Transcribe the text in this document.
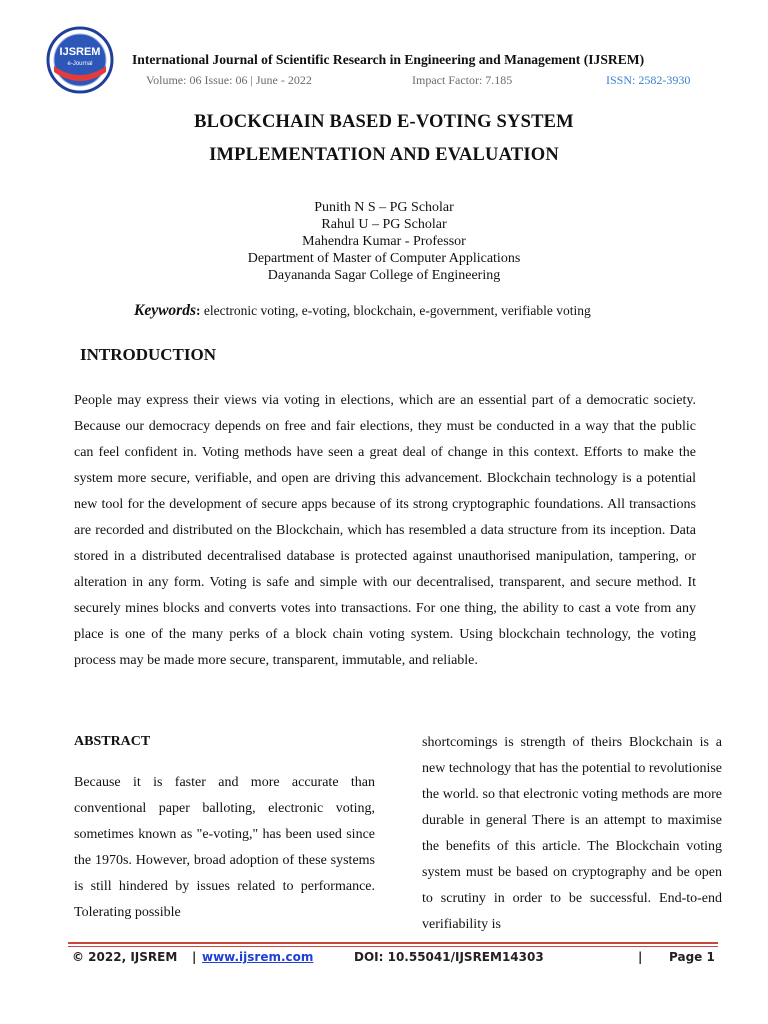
IJSREM
e-Journal	International Journal of Scientific Research in Engineering and Management (IJSREM)
Volume: 06 Issue: 06 | June - 2022	Impact Factor: 7.185	ISSN: 2582-3930
BLOCKCHAIN BASED E-VOTING SYSTEM
IMPLEMENTATION AND EVALUATION
Punith N S – PG Scholar
Rahul U – PG Scholar
Mahendra Kumar - Professor
Department of Master of Computer Applications
Dayananda Sagar College of Engineering
Keywords: electronic voting, e-voting, blockchain, e-government, verifiable voting
INTRODUCTION
People may express their views via voting in elections, which are an essential part of a democratic society. Because our democracy depends on free and fair elections, they must be conducted in a way that the public can feel confident in. Voting methods have seen a great deal of change in this context. Efforts to make the system more secure, verifiable, and open are driving this advancement. Blockchain technology is a potential new tool for the development of secure apps because of its strong cryptographic foundations. All transactions are recorded and distributed on the Blockchain, which has resembled a data structure from its inception. Data stored in a distributed decentralised database is protected against unauthorised manipulation, tampering, or alteration in any form. Voting is safe and simple with our decentralised, transparent, and secure method. It securely mines blocks and converts votes into transactions. For one thing, the ability to cast a vote from any place is one of the many perks of a block chain voting system. Using blockchain technology, the voting process may be made more secure, transparent, immutable, and reliable.
ABSTRACT
Because it is faster and more accurate than conventional paper balloting, electronic voting, sometimes known as "e-voting," has been used since the 1970s. However, broad adoption of these systems is still hindered by issues related to performance. Tolerating possible
shortcomings is strength of theirs Blockchain is a new technology that has the potential to revolutionise the world. so that electronic voting methods are more durable in general There is an attempt to maximise the benefits of this article. The Blockchain voting system must be based on cryptography and be open to scrutiny in order to be successful. End-to-end verifiability is
© 2022, IJSREM | www.ijsrem.com	DOI: 10.55041/IJSREM14303	| Page 1
